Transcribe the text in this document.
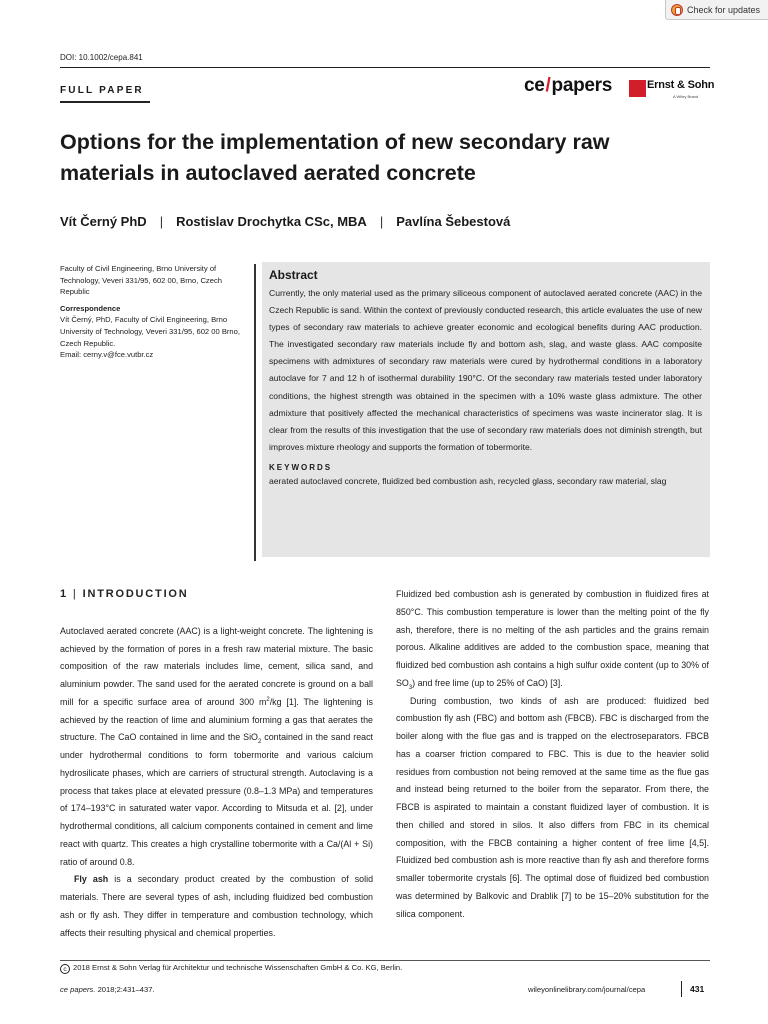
Check for updates
DOI: 10.1002/cepa.841
FULL PAPER	ce/papers	Ernst & Sohn
A Wiley Brand
Options for the implementation of new secondary raw materials in autoclaved aerated concrete
Vít Černý PhD | Rostislav Drochytka CSc, MBA | Pavlína Šebestová
Faculty of Civil Engineering, Brno University of Technology, Veveri 331/95, 602 00, Brno, Czech Republic
Correspondence
Vít Černý, PhD, Faculty of Civil Engineering, Brno University of Technology, Veveri 331/95, 602 00 Brno, Czech Republic.
Email: cerny.v@fce.vutbr.cz
Abstract
Currently, the only material used as the primary siliceous component of autoclaved aerated concrete (AAC) in the Czech Republic is sand. Within the context of previously conducted research, this article evaluates the use of new types of secondary raw materials to achieve greater economic and ecological benefits during AAC production. The investigated secondary raw materials include fly and bottom ash, slag, and waste glass. AAC composite specimens with admixtures of secondary raw materials were cured by hydrothermal conditions in a laboratory autoclave for 7 and 12 h of isothermal durability 190°C. Of the secondary raw materials tested under laboratory conditions, the highest strength was obtained in the specimen with a 10% waste glass admixture. The other admixture that positively affected the mechanical characteristics of specimens was waste incinerator slag. It is clear from the results of this investigation that the use of secondary raw materials does not diminish strength, but improves mixture rheology and supports the formation of tobermorite.
KEYWORDS
aerated autoclaved concrete, fluidized bed combustion ash, recycled glass, secondary raw material, slag
1 | INTRODUCTION

Autoclaved aerated concrete (AAC) is a light-weight concrete. The lightening is achieved by the formation of pores in a fresh raw material mixture. The basic composition of the raw materials includes lime, cement, silica sand, and aluminium powder. The sand used for the aerated concrete is ground on a ball mill for a specific surface area of around 300 $m^2/kg$ [1]. The lightening is achieved by the reaction of lime and aluminium forming a gas that aerates the structure. The CaO contained in lime and the SiO$_2$ contained in the sand react under hydrothermal conditions to form tobermorite and various calcium hydrosilicate phases, which are carriers of structural strength. Autoclaving is a process that takes place at elevated pressure (0.8–1.3 MPa) and temperatures of 174–193°C in saturated water vapor. According to Mitsuda et al. [2], under hydrothermal conditions, all calcium components contained in cement and lime react with quartz. This creates a high crystalline tobermorite with a Ca/(Al + Si) ratio of around 0.8.

Fly ash is a secondary product created by the combustion of solid materials. There are several types of ash, including fluidized bed combustion ash or fly ash. They differ in temperature and combustion technology, which affects their resulting physical and chemical properties.

Fluidized bed combustion ash is generated by combustion in fluidized fires at 850°C. This combustion temperature is lower than the melting point of the fly ash, therefore, there is no melting of the ash particles and the grains remain porous. Alkaline additives are added to the combustion space, meaning that fluidized bed combustion ash contains a high sulfur oxide content (up to 30% of $SO_3$) and free lime (up to 25% of CaO) [3].

During combustion, two kinds of ash are produced: fluidized bed combustion fly ash (FBC) and bottom ash (FBCB). FBC is discharged from the boiler along with the flue gas and is trapped on the electroseparators. FBCB has a coarser friction compared to FBC. This is due to the heavier solid residues from combustion not being removed at the same time as the flue gas and instead being returned to the boiler from the separator. From there, the FBCB is aspirated to maintain a constant fluidized layer of combustion. It is then chilled and stored in silos. It also differs from FBC in its chemical composition, with the FBCB containing a higher content of free lime [4,5]. Fluidized bed combustion ash is more reactive than fly ash and therefore forms smaller tobermorite crystals [6]. The optimal dose of fluidized bed combustion was determined by Balkovic and Drablik [7] to be 15–20% substitution for the silica component.

c 2018 Ernst & Sohn Verlag für Architektur und technische Wissenschaften GmbH & Co. KG, Berlin.
ce papers. 2018;2:431–437.	wileyonlinelibrary.com/journal/cepa	431
